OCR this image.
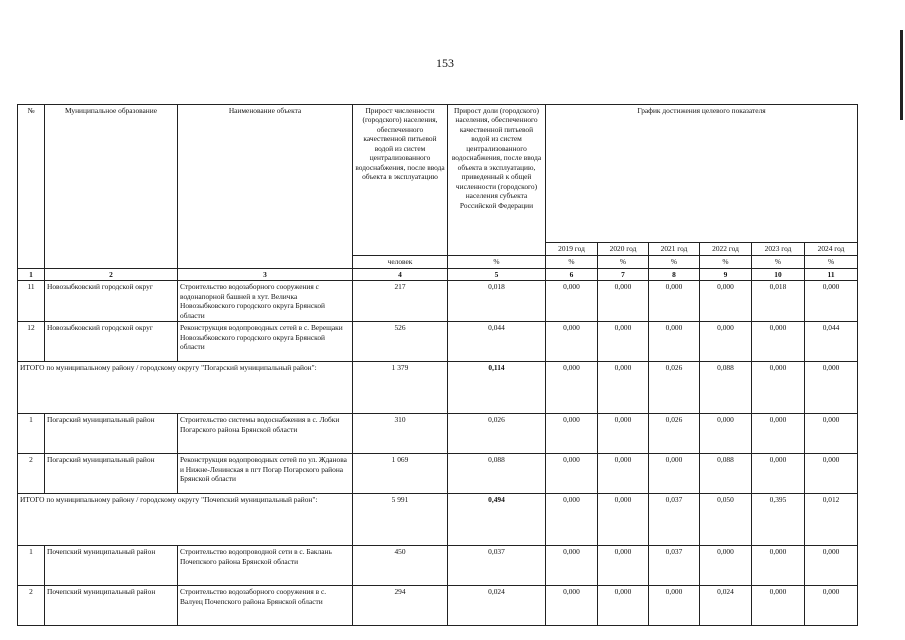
153
№	Муниципальное образование	Наименование объекта	Прирост численности (городского) населения, обеспеченного качественной питьевой водой из систем централизованного водоснабжения, после ввода объекта в эксплуатацию	Прирост доли (городского) населения, обеспеченного качественной питьевой водой из систем централизованного водоснабжения, после ввода объекта в эксплуатацию, приведенный к общей численности (городского) населения субъекта Российской Федерации	График достижения целевого показателя					
					2019 год	2020 год	2021 год	2022 год	2023 год	2024 год
			человек	%	%	%	%	%	%	%
1	2	3	4	5	6	7	8	9	10	11
11	Новозыбковский городской округ	Строительство водозаборного сооружения с водонапорной башней в хут. Величка Новозыбковского городского округа Брянской области	217	0,018	0,000	0,000	0,000	0,000	0,018	0,000
12	Новозыбковский городской округ	Реконструкция водопроводных сетей в с. Верещаки Новозыбковского городского округа Брянской области	526	0,044	0,000	0,000	0,000	0,000	0,000	0,044
ИТОГО по муниципальному району / городскому округу "Погарский муниципальный район":			1 379	0,114	0,000	0,000	0,026	0,088	0,000	0,000
1	Погарский муниципальный район	Строительство системы водоснабжения в с. Лобки Погарского района Брянской области	310	0,026	0,000	0,000	0,026	0,000	0,000	0,000
2	Погарский муниципальный район	Реконструкция водопроводных сетей по ул. Жданова и Нижне-Ленинская в пгт Погар Погарского района Брянской области	1 069	0,088	0,000	0,000	0,000	0,088	0,000	0,000
ИТОГО по муниципальному району / городскому округу "Почепский муниципальный район":			5 991	0,494	0,000	0,000	0,037	0,050	0,395	0,012
1	Почепский муниципальный район	Строительство водопроводной сети в с. Баклань Почепского района Брянской области	450	0,037	0,000	0,000	0,037	0,000	0,000	0,000
2	Почепский муниципальный район	Строительство водозаборного сооружения в с. Валуец Почепского района Брянской области	294	0,024	0,000	0,000	0,000	0,024	0,000	0,000
